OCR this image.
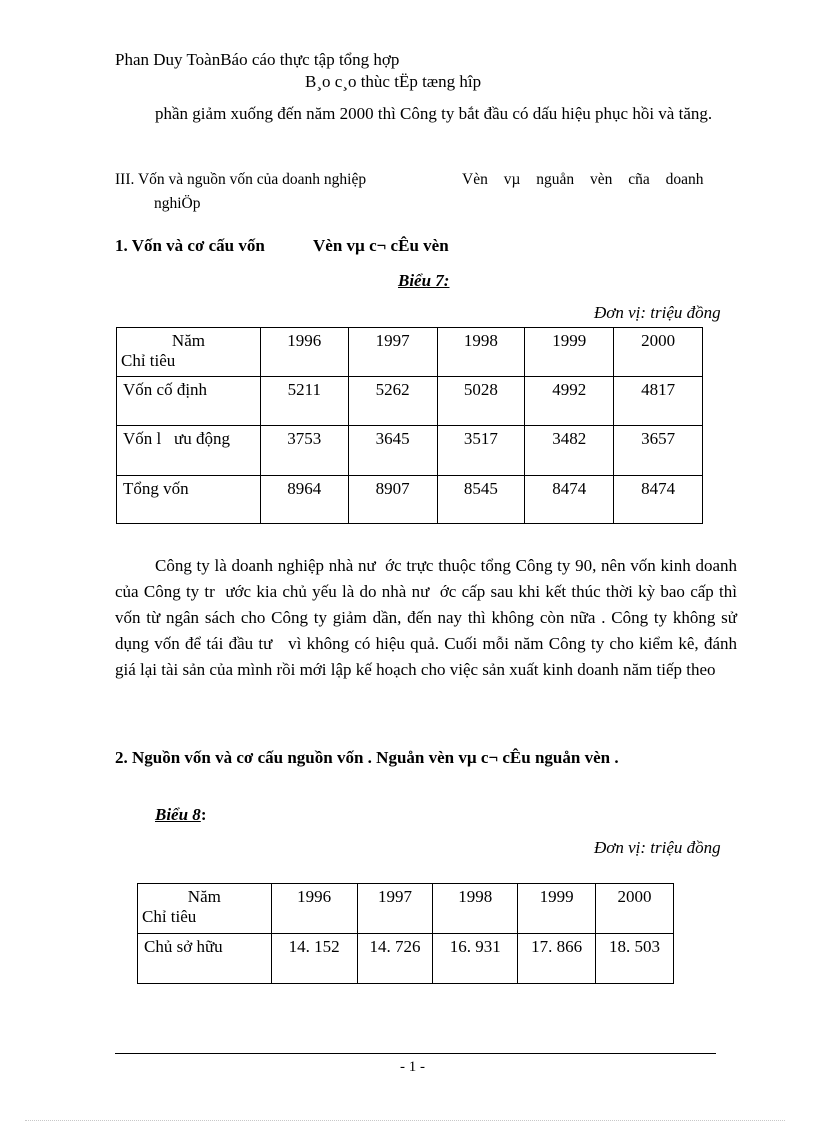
Phan Duy ToànBáo cáo thực tập tổng hợp
B¸o c¸o thùc tËp tæng hîp
phần giảm xuống đến năm 2000 thì Công ty bắt đầu có dấu hiệu phục hồi và tăng.
III. Vốn và nguồn vốn của doanh nghiệp	Vèn vµ nguån vèn cña doanh
nghiÖp
1. Vốn và cơ cấu vốn	Vèn vµ c¬ cÊu vèn
Biểu 7:
Đơn vị: triệu đồng
Năm
Chỉ tiêu	1996	1997	1998	1999	2000
Vốn cố định	5211	5262	5028	4992	4817
Vốn l   ưu động	3753	3645	3517	3482	3657
Tổng vốn	8964	8907	8545	8474	8474
Công ty là doanh nghiệp nhà nư  ớc trực thuộc tổng Công ty 90, nên vốn kinh doanh của Công ty tr  ước kia chủ yếu là do nhà nư  ớc cấp sau khi kết thúc thời kỳ bao cấp thì vốn từ ngân sách cho Công ty giảm dần, đến nay thì không còn nữa . Công ty không sử dụng vốn để tái đầu tư   vì không có hiệu quả. Cuối mỗi năm Công ty cho kiểm kê, đánh giá lại tài sản của mình rồi mới lập kế hoạch cho việc sản xuất kinh doanh năm tiếp theo
2. Nguồn vốn và cơ cấu nguồn vốn . Nguån vèn vµ c¬ cÊu nguån vèn .
Biểu 8:
Đơn vị: triệu đồng
Năm
Chỉ tiêu	1996	1997	1998	1999	2000
Chủ sở hữu	14. 152	14. 726	16. 931	17. 866	18. 503
- 1 -
